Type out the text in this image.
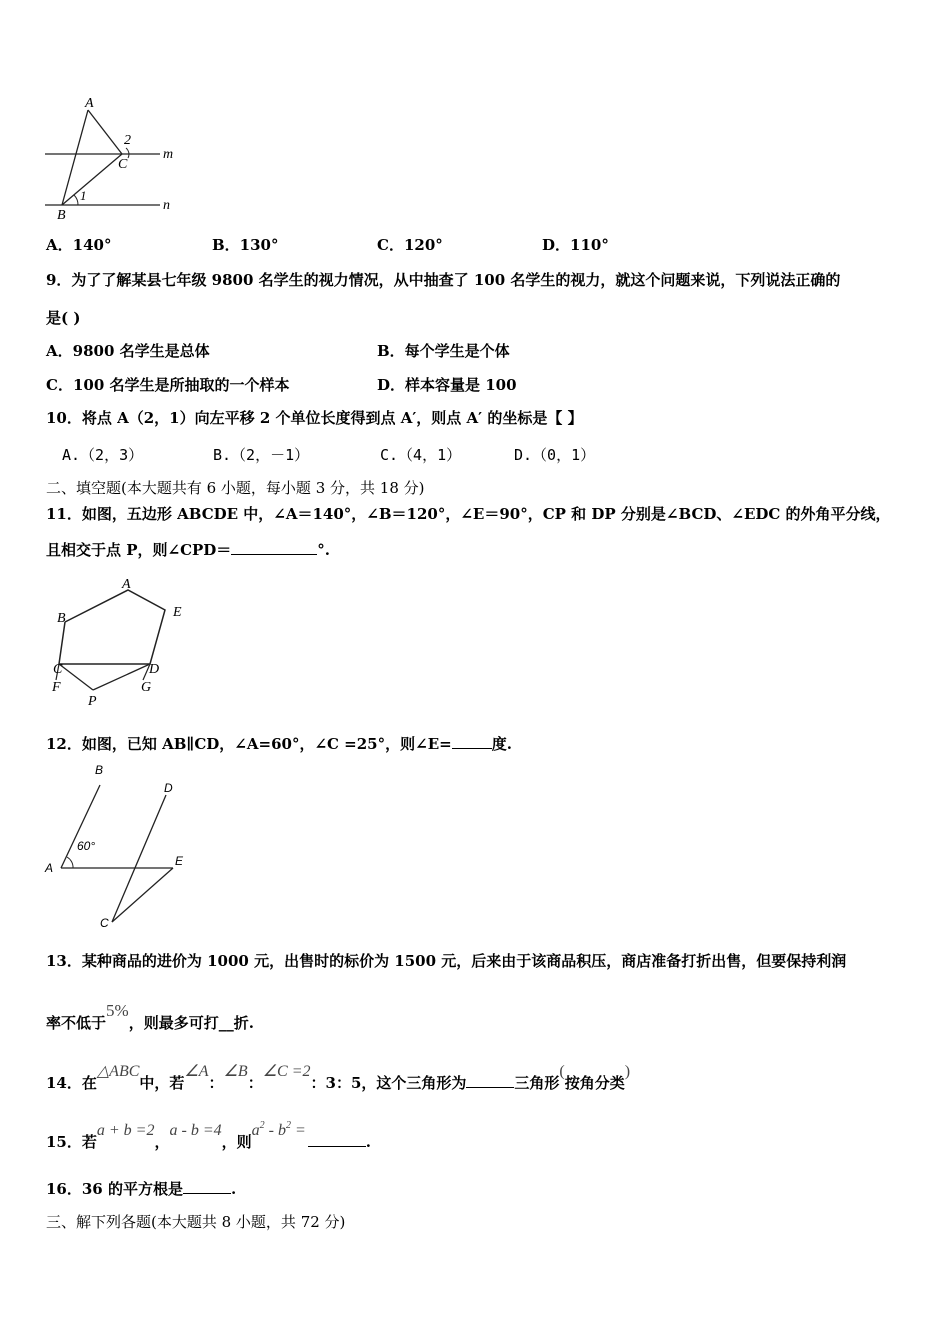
A
B
C
1
2
m
n
A．140°	B．130°	C．120°	D．110°
9．为了了解某县七年级 9800 名学生的视力情况，从中抽查了 100 名学生的视力，就这个问题来说，下列说法正确的
是( )
A．9800 名学生是总体	B．每个学生是个体
C．100 名学生是所抽取的一个样本	D．样本容量是 100
10．将点 A（2，1）向左平移 2 个单位长度得到点 A′，则点 A′ 的坐标是【 】
A.（2，3）	B.（2，－1）	C.（4，1）	D.（0，1）
二、填空题(本大题共有 6 小题，每小题 3 分，共 18 分)
11．如图，五边形 ABCDE 中，∠A＝140°，∠B＝120°，∠E＝90°，CP 和 DP 分别是∠BCD、∠EDC 的外角平分线，
且相交于点 P，则∠CPD＝	°.
A
B
C	D
E
F	G
P
12．如图，已知 AB∥CD，∠A=60°，∠C =25°，则∠E=	度.
B
D
A	E
C
60°
13．某种商品的进价为 1000 元，出售时的标价为 1500 元，后来由于该商品积压，商店准备打折出售，但要保持利润
率不低于5%，则最多可打__折.
14．在△ABC中，若∠A：∠B：∠C =2：3：5，这个三角形为	三角形(按角分类)
15．若a + b =2，a - b =4，则$a^2 - b^2$ =.
16．36 的平方根是	.
三、解下列各题(本大题共 8 小题，共 72 分)
